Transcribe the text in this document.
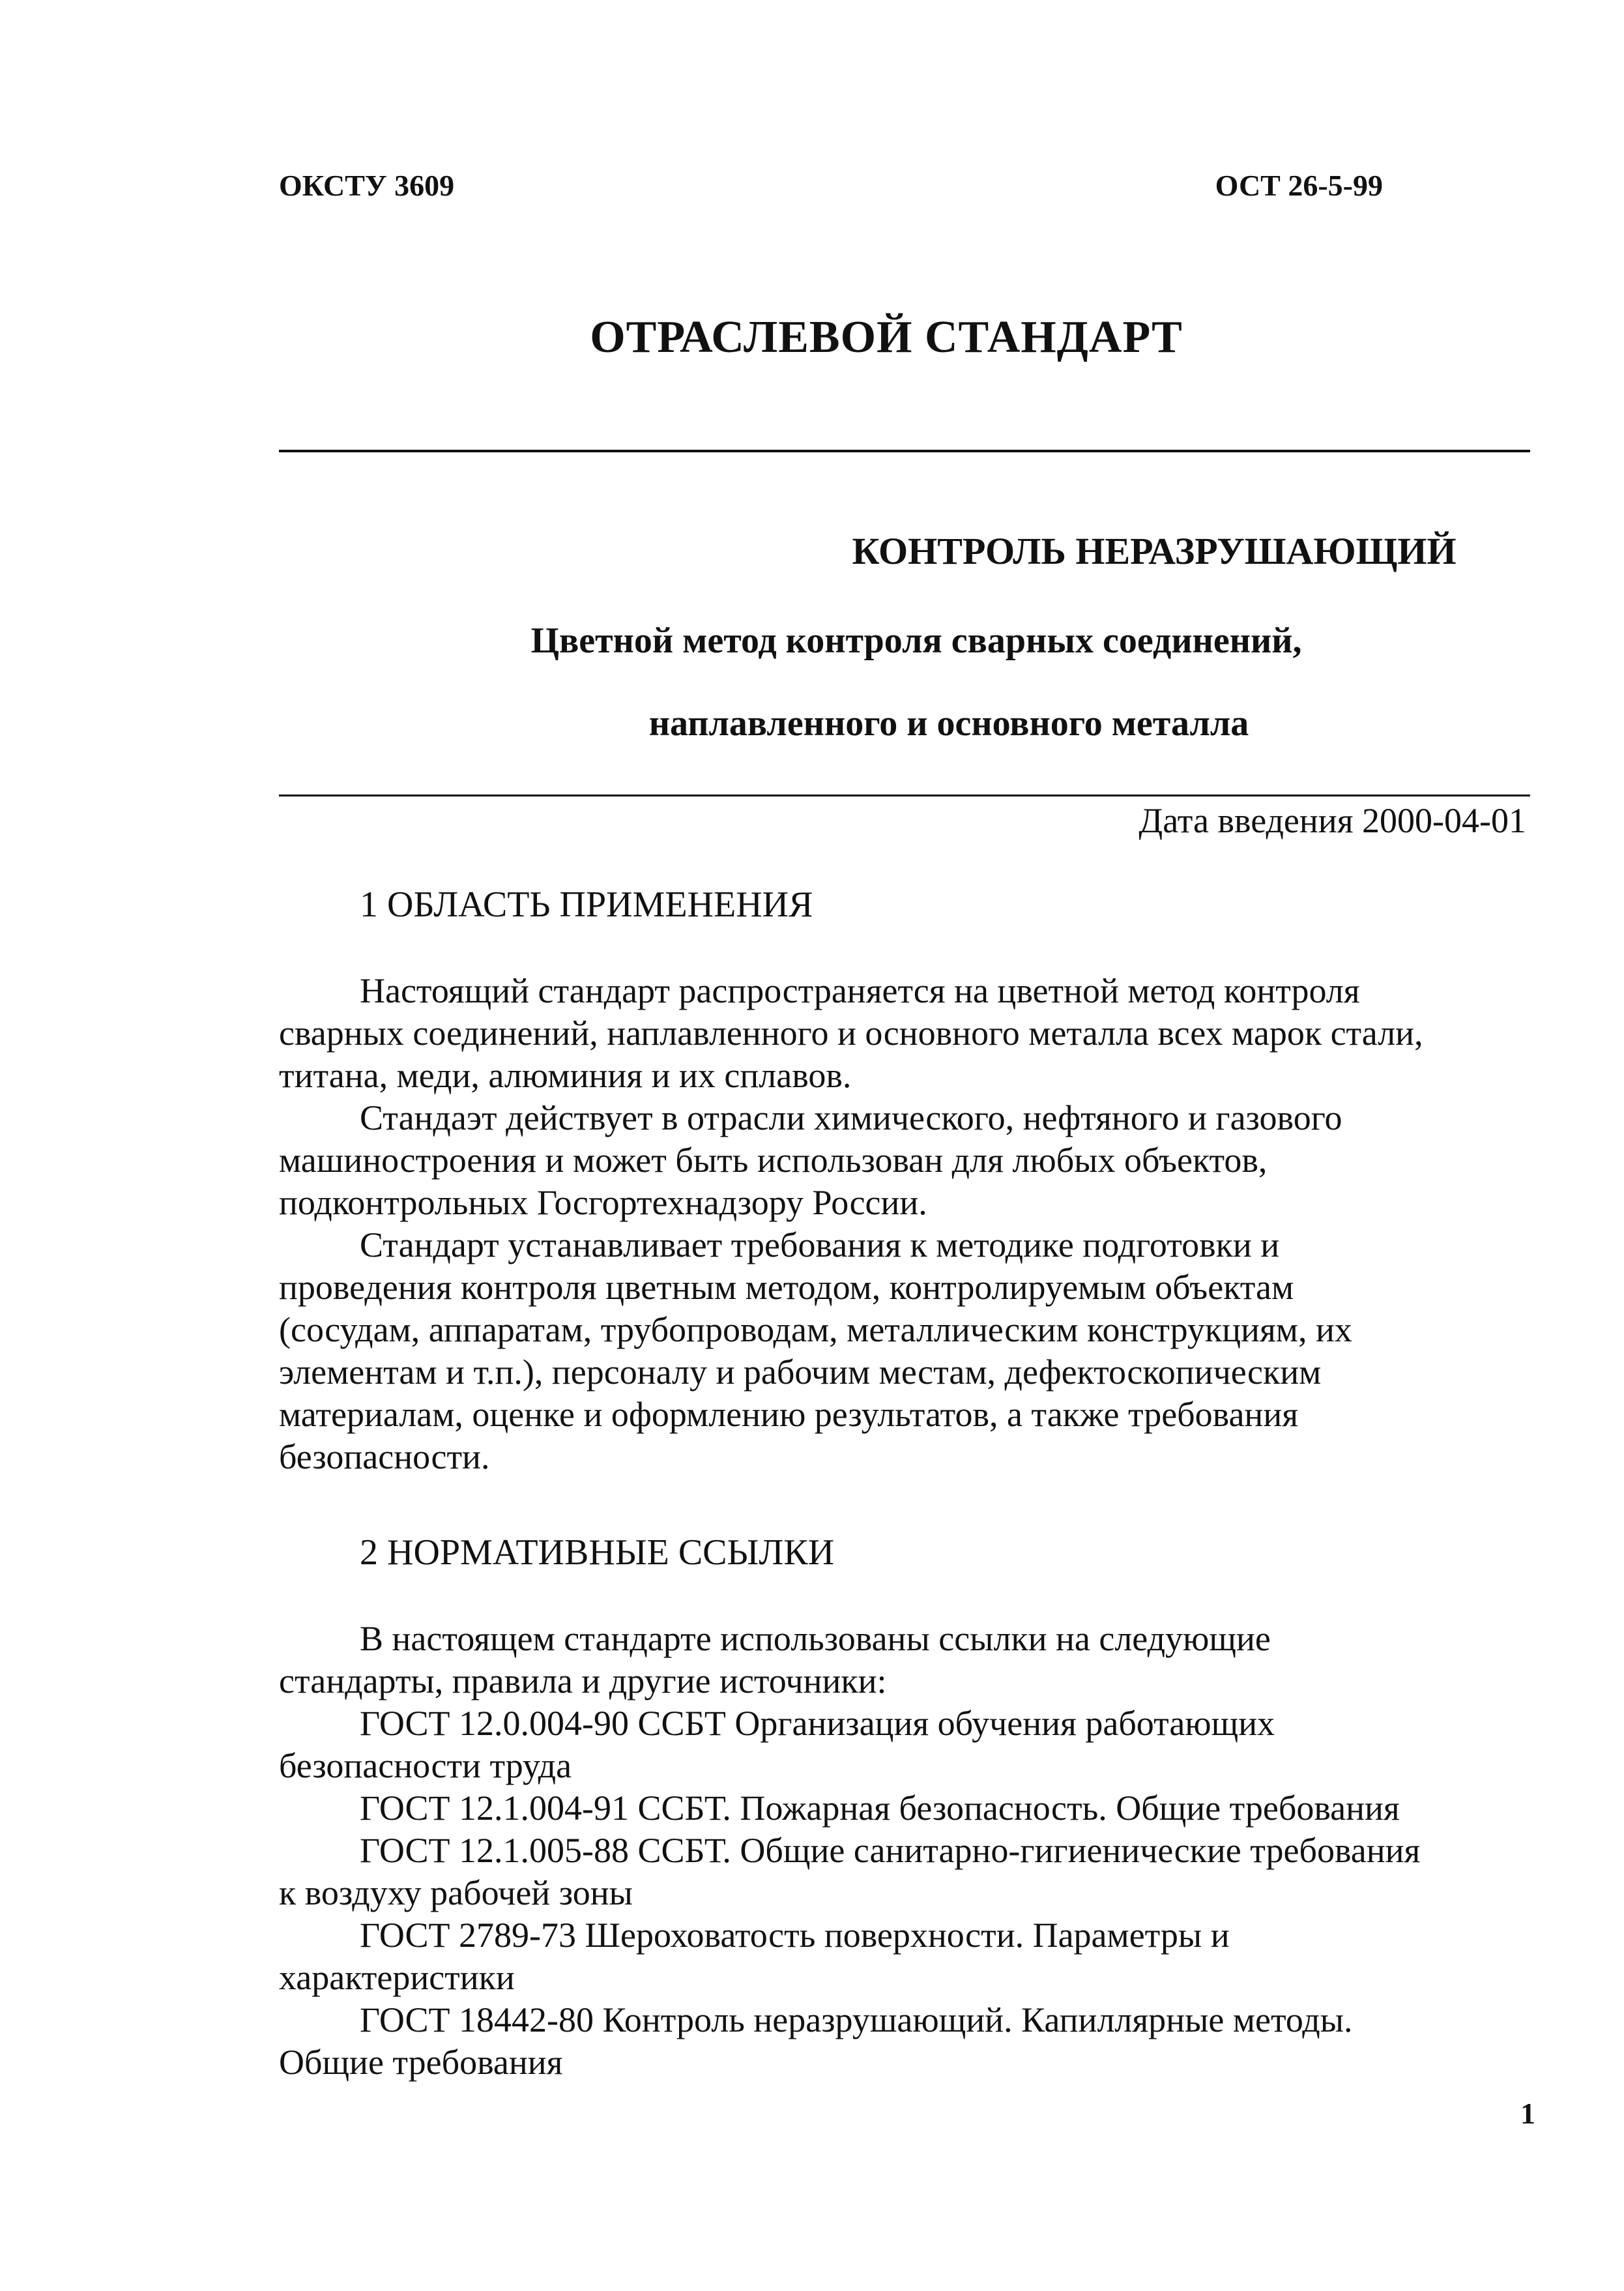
ОКСТУ 3609	ОСТ 26-5-99
ОТРАСЛЕВОЙ СТАНДАРТ
КОНТРОЛЬ НЕРАЗРУШАЮЩИЙ
Цветной метод контроля сварных соединений,
наплавленного и основного металла
Дата введения 2000-04-01
1 ОБЛАСТЬ ПРИМЕНЕНИЯ
Настоящий стандарт распространяется на цветной метод контроля
сварных соединений, наплавленного и основного металла всех марок стали,
титана, меди, алюминия и их сплавов.
Стандаэт действует в отрасли химического, нефтяного и газового
машиностроения и может быть использован для любых объектов,
подконтрольных Госгортехнадзору России.
Стандарт устанавливает требования к методике подготовки и
проведения контроля цветным методом, контролируемым объектам
(сосудам, аппаратам, трубопроводам, металлическим конструкциям, их
элементам и т.п.), персоналу и рабочим местам, дефектоскопическим
материалам, оценке и оформлению результатов, а также требования
безопасности.
2 НОРМАТИВНЫЕ ССЫЛКИ
В настоящем стандарте использованы ссылки на следующие
стандарты, правила и другие источники:
ГОСТ 12.0.004-90 ССБТ Организация обучения работающих
безопасности труда
ГОСТ 12.1.004-91 ССБТ. Пожарная безопасность. Общие требования
ГОСТ 12.1.005-88 ССБТ. Общие санитарно-гигиенические требования
к воздуху рабочей зоны
ГОСТ 2789-73 Шероховатость поверхности. Параметры и
характеристики
ГОСТ 18442-80 Контроль неразрушающий. Капиллярные методы.
Общие требования
1
